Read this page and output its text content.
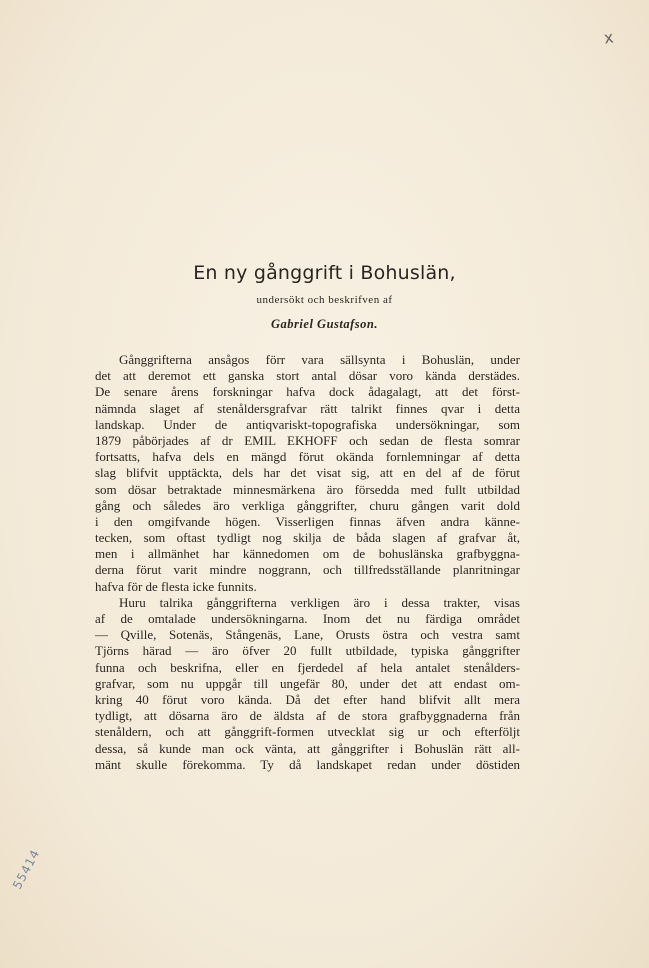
x
55414
En ny gånggrift i Bohuslän,

undersökt och beskrifven af

Gabriel Gustafson.

Gånggrifterna ansågos förr vara sällsynta i Bohuslän, under
det att deremot ett ganska stort antal dösar voro kända derstädes.
De senare årens forskningar hafva dock ådagalagt, att det först-
nämnda slaget af stenåldersgrafvar rätt talrikt finnes qvar i detta
landskap. Under de antiqvariskt-topografiska undersökningar, som
1879 påbörjades af dr EMIL EKHOFF och sedan de flesta somrar
fortsatts, hafva dels en mängd förut okända fornlemningar af detta
slag blifvit upptäckta, dels har det visat sig, att en del af de förut
som dösar betraktade minnesmärkena äro försedda med fullt utbildad
gång och således äro verkliga gånggrifter, churu gången varit dold
i den omgifvande högen. Visserligen finnas äfven andra känne-
tecken, som oftast tydligt nog skilja de båda slagen af grafvar åt,
men i allmänhet har kännedomen om de bohuslänska grafbyggna-
derna förut varit mindre noggrann, och tillfredsställande planritningar
hafva för de flesta icke funnits.
Huru talrika gånggrifterna verkligen äro i dessa trakter, visas
af de omtalade undersökningarna. Inom det nu färdiga området
— Qville, Sotenäs, Stångenäs, Lane, Orusts östra och vestra samt
Tjörns härad — äro öfver 20 fullt utbildade, typiska gånggrifter
funna och beskrifna, eller en fjerdedel af hela antalet stenålders-
grafvar, som nu uppgår till ungefär 80, under det att endast om-
kring 40 förut voro kända. Då det efter hand blifvit allt mera
tydligt, att dösarna äro de äldsta af de stora grafbyggnaderna från
stenåldern, och att gånggrift-formen utvecklat sig ur och efterföljt
dessa, så kunde man ock vänta, att gånggrifter i Bohuslän rätt all-
mänt skulle förekomma. Ty då landskapet redan under döstiden
